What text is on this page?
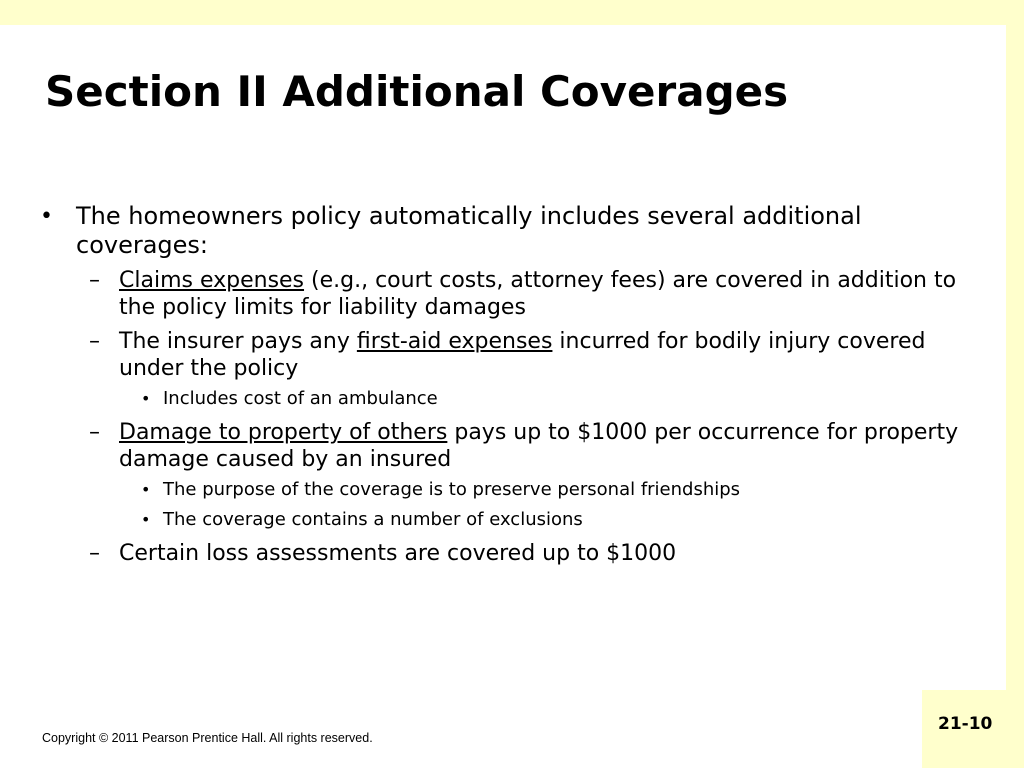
Section II Additional Coverages
• The homeowners policy automatically includes several additional coverages:
– Claims expenses (e.g., court costs, attorney fees) are covered in addition to the policy limits for liability damages
– The insurer pays any first-aid expenses incurred for bodily injury covered under the policy
• Includes cost of an ambulance
– Damage to property of others pays up to $1000 per occurrence for property damage caused by an insured
• The purpose of the coverage is to preserve personal friendships
• The coverage contains a number of exclusions
– Certain loss assessments are covered up to $1000
Copyright © 2011 Pearson Prentice Hall. All rights reserved.
21-10
